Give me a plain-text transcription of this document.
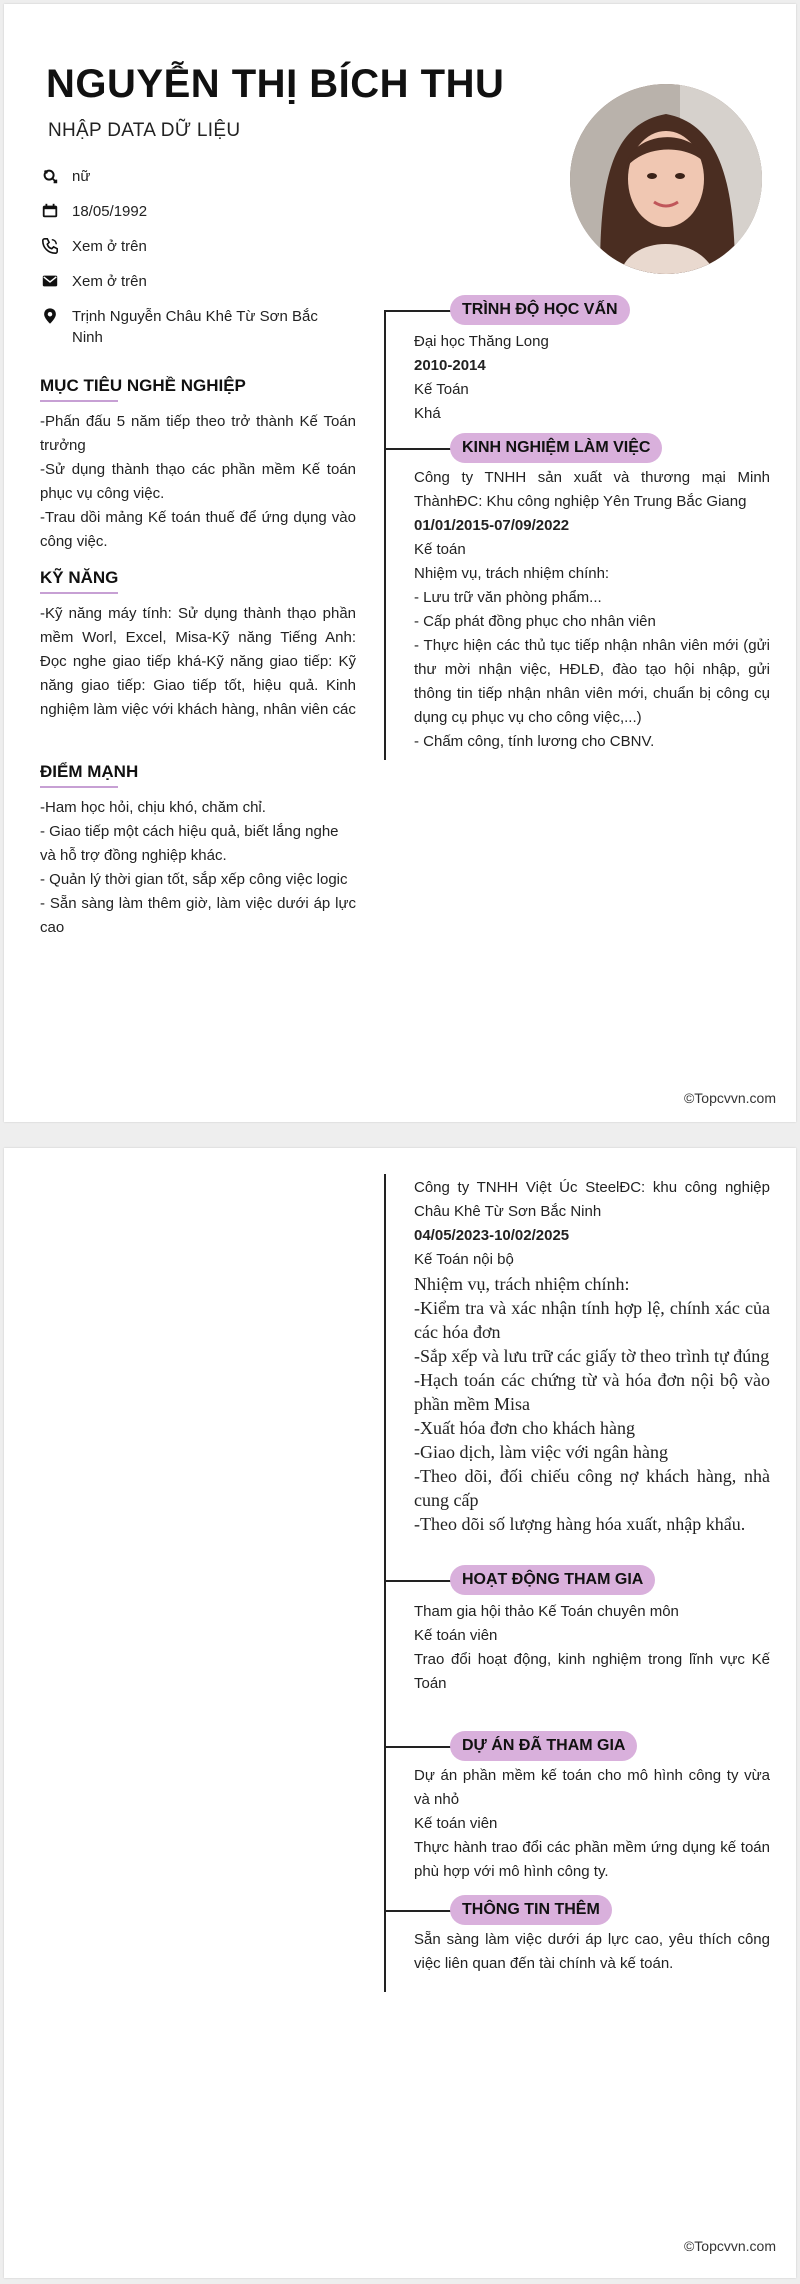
NGUYỄN THỊ BÍCH THU
NHẬP DATA DỮ LIỆU
nữ
18/05/1992
Xem ở trên
Xem ở trên
Trịnh Nguyễn Châu Khê Từ Sơn Bắc Ninh
MỤC TIÊU NGHỀ NGHIỆP

-Phấn đấu 5 năm tiếp theo trở thành Kế Toán trưởng

-Sử dụng thành thạo các phần mềm Kế toán phục vụ công việc.

-Trau dồi mảng Kế toán thuế để ứng dụng vào công việc.

KỸ NĂNG

-Kỹ năng máy tính: Sử dụng thành thạo phần mềm Worl, Excel, Misa-Kỹ năng Tiếng Anh: Đọc nghe giao tiếp khá-Kỹ năng giao tiếp: Kỹ năng giao tiếp: Giao tiếp tốt, hiệu quả. Kinh nghiệm làm việc với khách hàng, nhân viên các

ĐIỂM MẠNH

-Ham học hỏi, chịu khó, chăm chỉ.

- Giao tiếp một cách hiệu quả, biết lắng nghe

và hỗ trợ đồng nghiệp khác.

- Quản lý thời gian tốt, sắp xếp công việc logic

- Sẵn sàng làm thêm giờ, làm việc dưới áp lực cao

TRÌNH ĐỘ HỌC VẤN

Đại học Thăng Long

2010-2014

Kế Toán

Khá

KINH NGHIỆM LÀM VIỆC

Công ty TNHH sản xuất và thương mại Minh ThànhĐC: Khu công nghiệp Yên Trung Bắc Giang

01/01/2015-07/09/2022

Kế toán

Nhiệm vụ, trách nhiệm chính:

- Lưu trữ văn phòng phẩm...

- Cấp phát đồng phục cho nhân viên

- Thực hiện các thủ tục tiếp nhận nhân viên mới (gửi thư mời nhận việc, HĐLĐ, đào tạo hội nhập, gửi thông tin tiếp nhận nhân viên mới, chuẩn bị công cụ dụng cụ phục vụ cho công việc,...)

- Chấm công, tính lương cho CBNV.

©Topcvvn.com

Công ty TNHH Việt Úc SteelĐC: khu công nghiệp Châu Khê Từ Sơn Bắc Ninh

04/05/2023-10/02/2025

Kế Toán nội bộ

Nhiệm vụ, trách nhiệm chính:

-Kiểm tra và xác nhận tính hợp lệ, chính xác của các hóa đơn

-Sắp xếp và lưu trữ các giấy tờ theo trình tự đúng

-Hạch toán các chứng từ và hóa đơn nội bộ vào phần mềm Misa

-Xuất hóa đơn cho khách hàng

-Giao dịch, làm việc với ngân hàng

-Theo dõi, đối chiếu công nợ khách hàng, nhà cung cấp

-Theo dõi số lượng hàng hóa xuất, nhập khẩu.

HOẠT ĐỘNG THAM GIA

Tham gia hội thảo Kế Toán chuyên môn

Kế toán viên

Trao đổi hoạt động, kinh nghiệm trong lĩnh vực Kế Toán

DỰ ÁN ĐÃ THAM GIA

Dự án phần mềm kế toán cho mô hình công ty vừa và nhỏ

Kế toán viên

Thực hành trao đổi các phần mềm ứng dụng kế toán phù hợp với mô hình công ty.

THÔNG TIN THÊM

Sẵn sàng làm việc dưới áp lực cao, yêu thích công việc liên quan đến tài chính và kế toán.

©Topcvvn.com
